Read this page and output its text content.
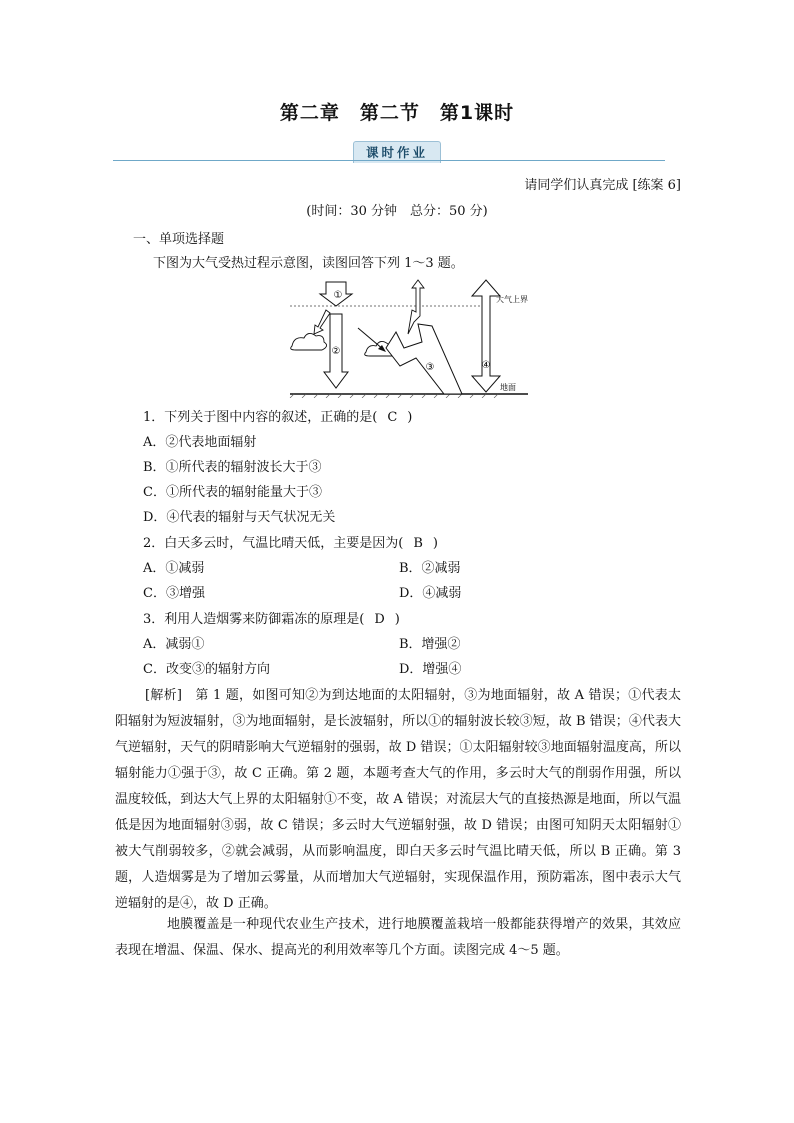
第二章　第二节　第1课时
课时作业
请同学们认真完成 [练案 6]
(时间：30 分钟　总分：50 分)
一、单项选择题
下图为大气受热过程示意图，读图回答下列 1～3 题。
①
②
③	④
大气上界
地面
1．下列关于图中内容的叙述，正确的是( C )
A．②代表地面辐射
B．①所代表的辐射波长大于③
C．①所代表的辐射能量大于③
D．④代表的辐射与天气状况无关
2．白天多云时，气温比晴天低，主要是因为( B )
A．①减弱	B．②减弱
C．③增强	D．④减弱
3．利用人造烟雾来防御霜冻的原理是( D )
A．减弱①	B．增强②
C．改变③的辐射方向	D．增强④
[解析]　第 1 题，如图可知②为到达地面的太阳辐射，③为地面辐射，故 A 错误；①代表太阳辐射为短波辐射，③为地面辐射，是长波辐射，所以①的辐射波长较③短，故 B 错误；④代表大气逆辐射，天气的阴晴影响大气逆辐射的强弱，故 D 错误；①太阳辐射较③地面辐射温度高，所以辐射能力①强于③，故 C 正确。第 2 题，本题考查大气的作用，多云时大气的削弱作用强，所以温度较低，到达大气上界的太阳辐射①不变，故 A 错误；对流层大气的直接热源是地面，所以气温低是因为地面辐射③弱，故 C 错误；多云时大气逆辐射强，故 D 错误；由图可知阴天太阳辐射①被大气削弱较多，②就会减弱，从而影响温度，即白天多云时气温比晴天低，所以 B 正确。第 3 题，人造烟雾是为了增加云雾量，从而增加大气逆辐射，实现保温作用，预防霜冻，图中表示大气逆辐射的是④，故 D 正确。
地膜覆盖是一种现代农业生产技术，进行地膜覆盖栽培一般都能获得增产的效果，其效应表现在增温、保温、保水、提高光的利用效率等几个方面。读图完成 4～5 题。
